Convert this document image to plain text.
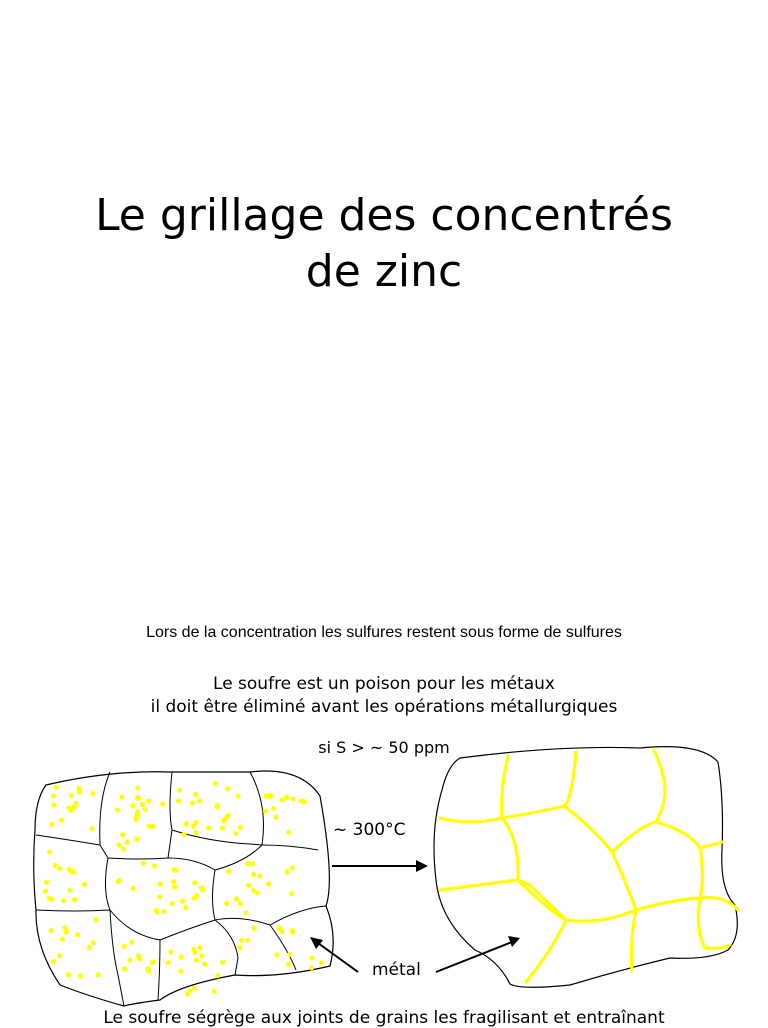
Le grillage des concentrés
de zinc
Lors de la concentration les sulfures restent sous forme de sulfures
Le soufre est un poison pour les métaux
il doit être éliminé avant les opérations métallurgiques
si S > ~ 50 ppm
~ 300°C
métal
Le soufre ségrège aux joints de grains les fragilisant et entraînant
